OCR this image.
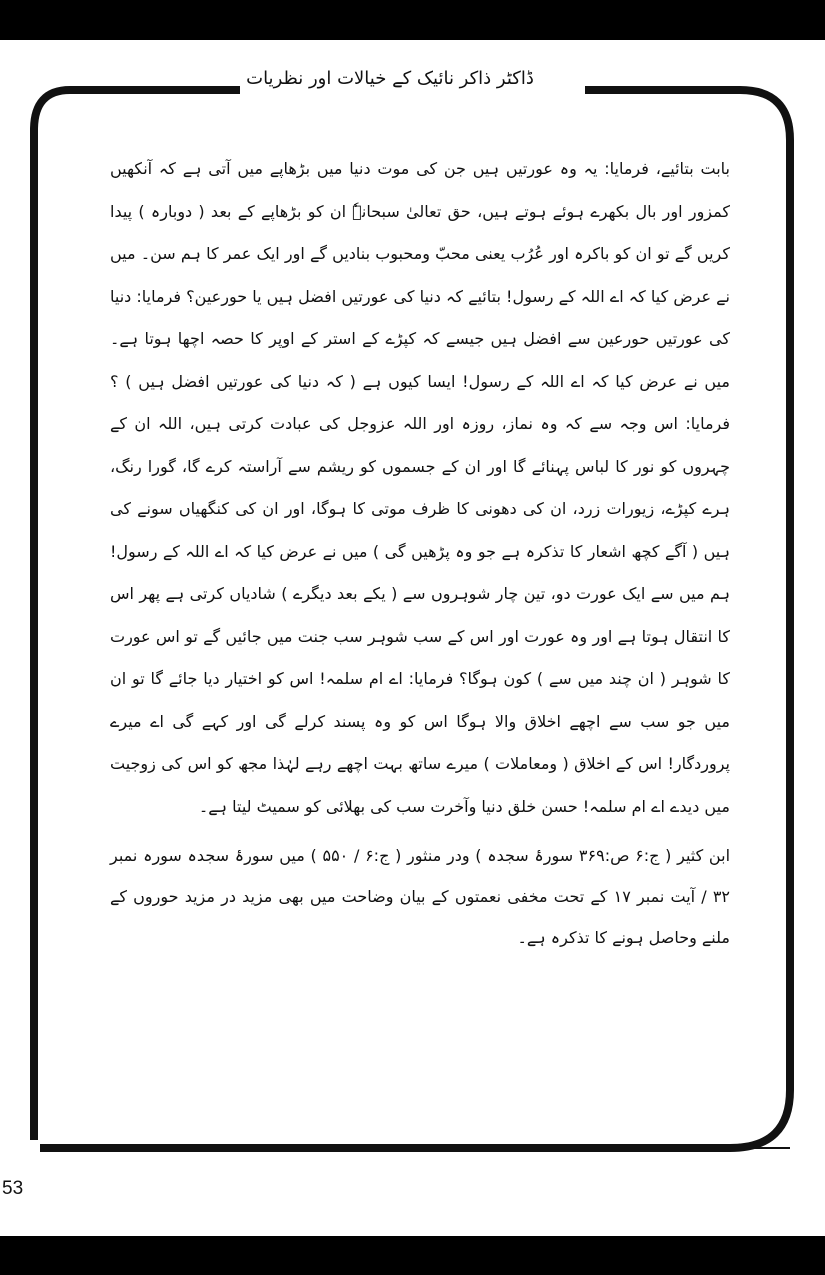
ڈاکٹر ذاکر نائیک کے خیالات اور نظریات

بابت بتائیے، فرمایا: یہ وہ عورتیں ہیں جن کی موت دنیا میں بڑھاپے میں آتی ہے کہ آنکھیں کمزور اور بال بکھرے ہوئے ہوتے ہیں، حق تعالیٰ سبحانہٗ ان کو بڑھاپے کے بعد ( دوبارہ ) پیدا کریں گے تو ان کو باکرہ اور عُرُب یعنی محبّ ومحبوب بنادیں گے اور ایک عمر کا ہم سن۔ میں نے عرض کیا کہ اے اللہ کے رسول! بتائیے کہ دنیا کی عورتیں افضل ہیں یا حورعین؟ فرمایا: دنیا کی عورتیں حورعین سے افضل ہیں جیسے کہ کپڑے کے استر کے اوپر کا حصہ اچھا ہوتا ہے۔ میں نے عرض کیا کہ اے اللہ کے رسول! ایسا کیوں ہے ( کہ دنیا کی عورتیں افضل ہیں ) ؟ فرمایا: اس وجہ سے کہ وہ نماز، روزہ اور اللہ عزوجل کی عبادت کرتی ہیں، اللہ ان کے چہروں کو نور کا لباس پہنائے گا اور ان کے جسموں کو ریشم سے آراستہ کرے گا، گورا رنگ، ہرے کپڑے، زیورات زرد، ان کی دھونی کا ظرف موتی کا ہوگا، اور ان کی کنگھیاں سونے کی ہیں ( آگے کچھ اشعار کا تذکرہ ہے جو وہ پڑھیں گی ) میں نے عرض کیا کہ اے اللہ کے رسول! ہم میں سے ایک عورت دو، تین چار شوہروں سے ( یکے بعد دیگرے ) شادیاں کرتی ہے پھر اس کا انتقال ہوتا ہے اور وہ عورت اور اس کے سب شوہر سب جنت میں جائیں گے تو اس عورت کا شوہر ( ان چند میں سے ) کون ہوگا؟ فرمایا: اے ام سلمہ! اس کو اختیار دیا جائے گا تو ان میں جو سب سے اچھے اخلاق والا ہوگا اس کو وہ پسند کرلے گی اور کہے گی اے میرے پروردگار! اس کے اخلاق ( ومعاملات ) میرے ساتھ بہت اچھے رہے لہٰذا مجھ کو اس کی زوجیت میں دیدے اے ام سلمہ! حسن خلق دنیا وآخرت سب کی بھلائی کو سمیٹ لیتا ہے۔

ابن کثیر ( ج:۶ ص:۳۶۹ سورۂ سجدہ ) ودر منثور ( ج:۶ / ۵۵۰ ) میں سورۂ سجدہ سورہ نمبر ۳۲ / آیت نمبر ۱۷ کے تحت مخفی نعمتوں کے بیان وضاحت میں بھی مزید در مزید حوروں کے ملنے وحاصل ہونے کا تذکرہ ہے۔

53
